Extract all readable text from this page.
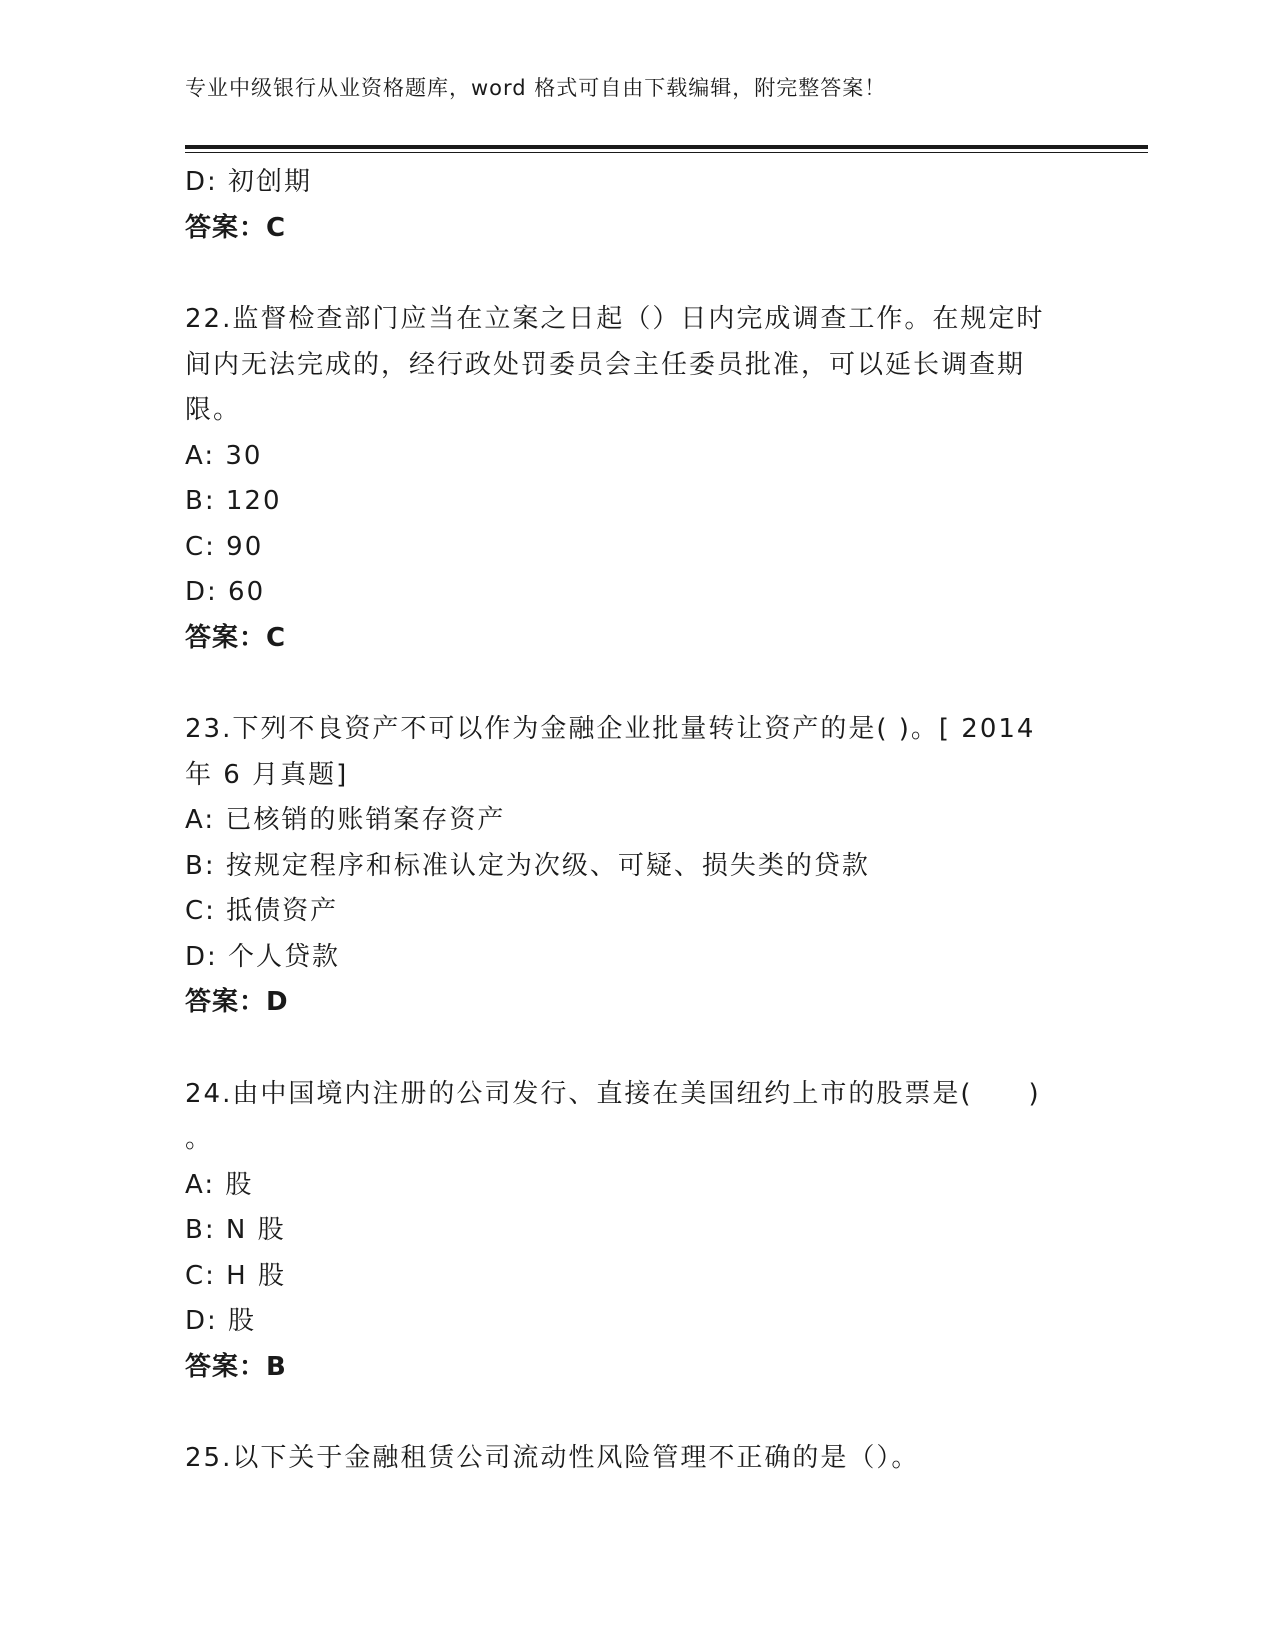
专业中级银行从业资格题库，word 格式可自由下载编辑，附完整答案！
D: 初创期
答案：C
22.监督检查部门应当在立案之日起（）日内完成调查工作。在规定时
间内无法完成的，经行政处罚委员会主任委员批准，可以延长调查期
限。
A: 30
B: 120
C: 90
D: 60
答案：C
23.下列不良资产不可以作为金融企业批量转让资产的是( )。[ 2014
年 6 月真题]
A: 已核销的账销案存资产
B: 按规定程序和标准认定为次级、可疑、损失类的贷款
C: 抵债资产
D: 个人贷款
答案：D
24.由中国境内注册的公司发行、直接在美国纽约上市的股票是(　　)
。
A: 股
B: N 股
C: H 股
D: 股
答案：B
25.以下关于金融租赁公司流动性风险管理不正确的是（）。
